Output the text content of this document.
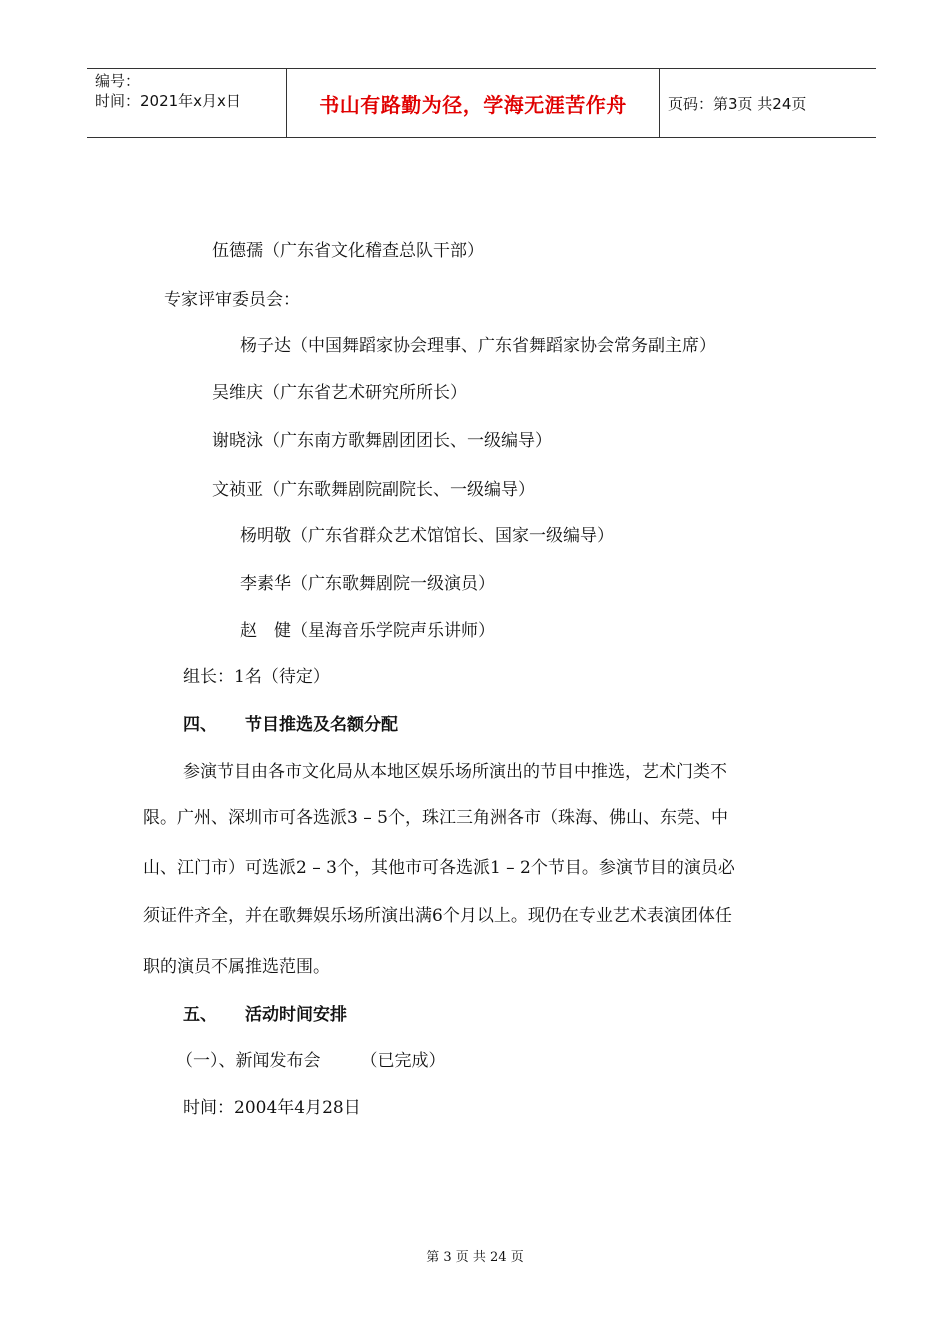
编号：
时间：2021年x月x日	书山有路勤为径，学海无涯苦作舟	页码：第3页 共24页
伍德孺（广东省文化稽查总队干部）
专家评审委员会：
杨子达（中国舞蹈家协会理事、广东省舞蹈家协会常务副主席）
吴维庆（广东省艺术研究所所长）
谢晓泳（广东南方歌舞剧团团长、一级编导）
文祯亚（广东歌舞剧院副院长、一级编导）
杨明敬（广东省群众艺术馆馆长、国家一级编导）
李素华（广东歌舞剧院一级演员）
赵　健（星海音乐学院声乐讲师）
组长：1名（待定）
四、 节目推选及名额分配
参演节目由各市文化局从本地区娱乐场所演出的节目中推选，艺术门类不
限。广州、深圳市可各选派3 – 5个，珠江三角洲各市（珠海、佛山、东莞、中
山、江门市）可选派2 – 3个，其他市可各选派1 – 2个节目。参演节目的演员必
须证件齐全，并在歌舞娱乐场所演出满6个月以上。现仍在专业艺术表演团体任
职的演员不属推选范围。
五、 活动时间安排
（一）、新闻发布会 （已完成）
时间：2004年4月28日
第 3 页 共 24 页
